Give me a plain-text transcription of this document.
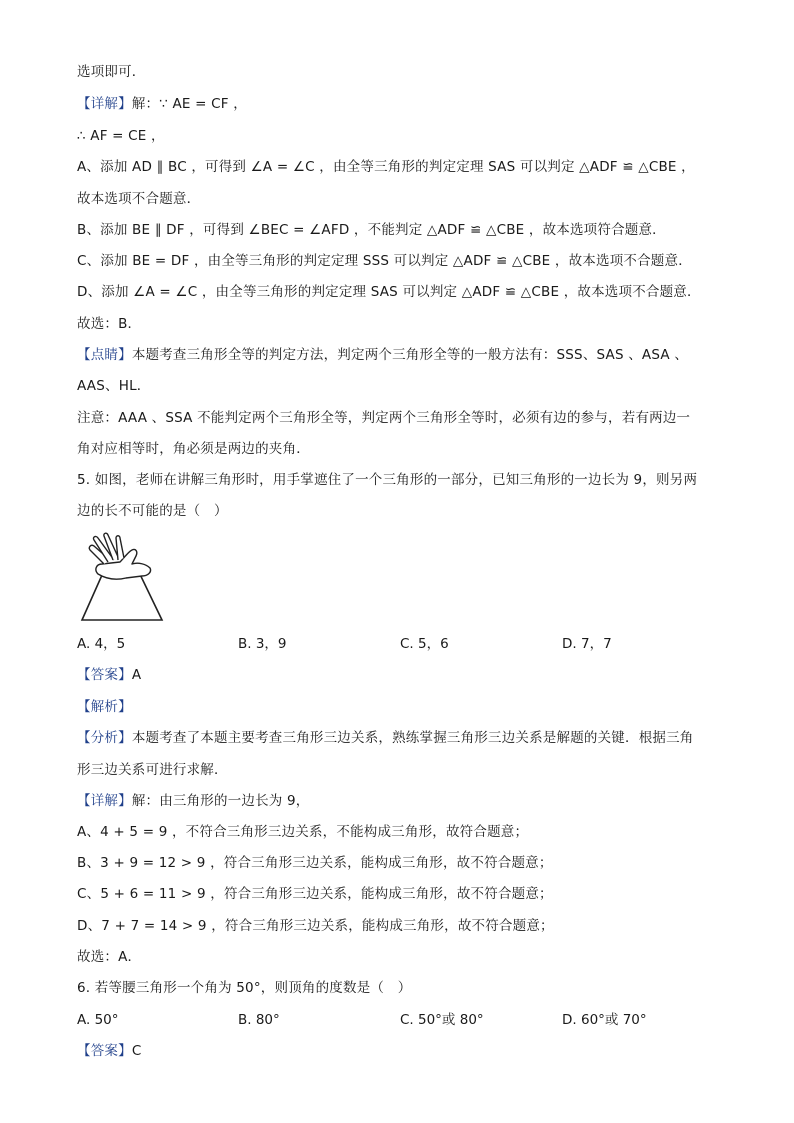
选项即可．
【详解】解：∵ AE = CF ，
∴ AF = CE ，
A、添加 AD ∥ BC ，可得到 ∠A = ∠C ，由全等三角形的判定定理 SAS 可以判定 △ADF ≌ △CBE ，
故本选项不合题意．
B、添加 BE ∥ DF ，可得到 ∠BEC = ∠AFD ，不能判定 △ADF ≌ △CBE ，故本选项符合题意．
C、添加 BE = DF ，由全等三角形的判定定理 SSS 可以判定 △ADF ≌ △CBE ，故本选项不合题意．
D、添加 ∠A = ∠C ，由全等三角形的判定定理 SAS 可以判定 △ADF ≌ △CBE ，故本选项不合题意．
故选：B．
【点睛】本题考查三角形全等的判定方法，判定两个三角形全等的一般方法有：SSS、SAS 、ASA 、
AAS、HL．
注意：AAA 、SSA 不能判定两个三角形全等，判定两个三角形全等时，必须有边的参与，若有两边一
角对应相等时，角必须是两边的夹角．
5. 如图，老师在讲解三角形时，用手掌遮住了一个三角形的一部分，已知三角形的一边长为 9，则另两
边的长不可能的是（　）
A. 4，5	B. 3，9	C. 5，6	D. 7，7
【答案】A
【解析】
【分析】本题考查了本题主要考查三角形三边关系，熟练掌握三角形三边关系是解题的关键．根据三角
形三边关系可进行求解．
【详解】解：由三角形的一边长为 9，
A、4 + 5 = 9 ，不符合三角形三边关系，不能构成三角形，故符合题意；
B、3 + 9 = 12 > 9 ，符合三角形三边关系，能构成三角形，故不符合题意；
C、5 + 6 = 11 > 9 ，符合三角形三边关系，能构成三角形，故不符合题意；
D、7 + 7 = 14 > 9 ，符合三角形三边关系，能构成三角形，故不符合题意；
故选：A．
6. 若等腰三角形一个角为 50°，则顶角的度数是（　）
A. 50°	B. 80°	C. 50°或 80°	D. 60°或 70°
【答案】C
